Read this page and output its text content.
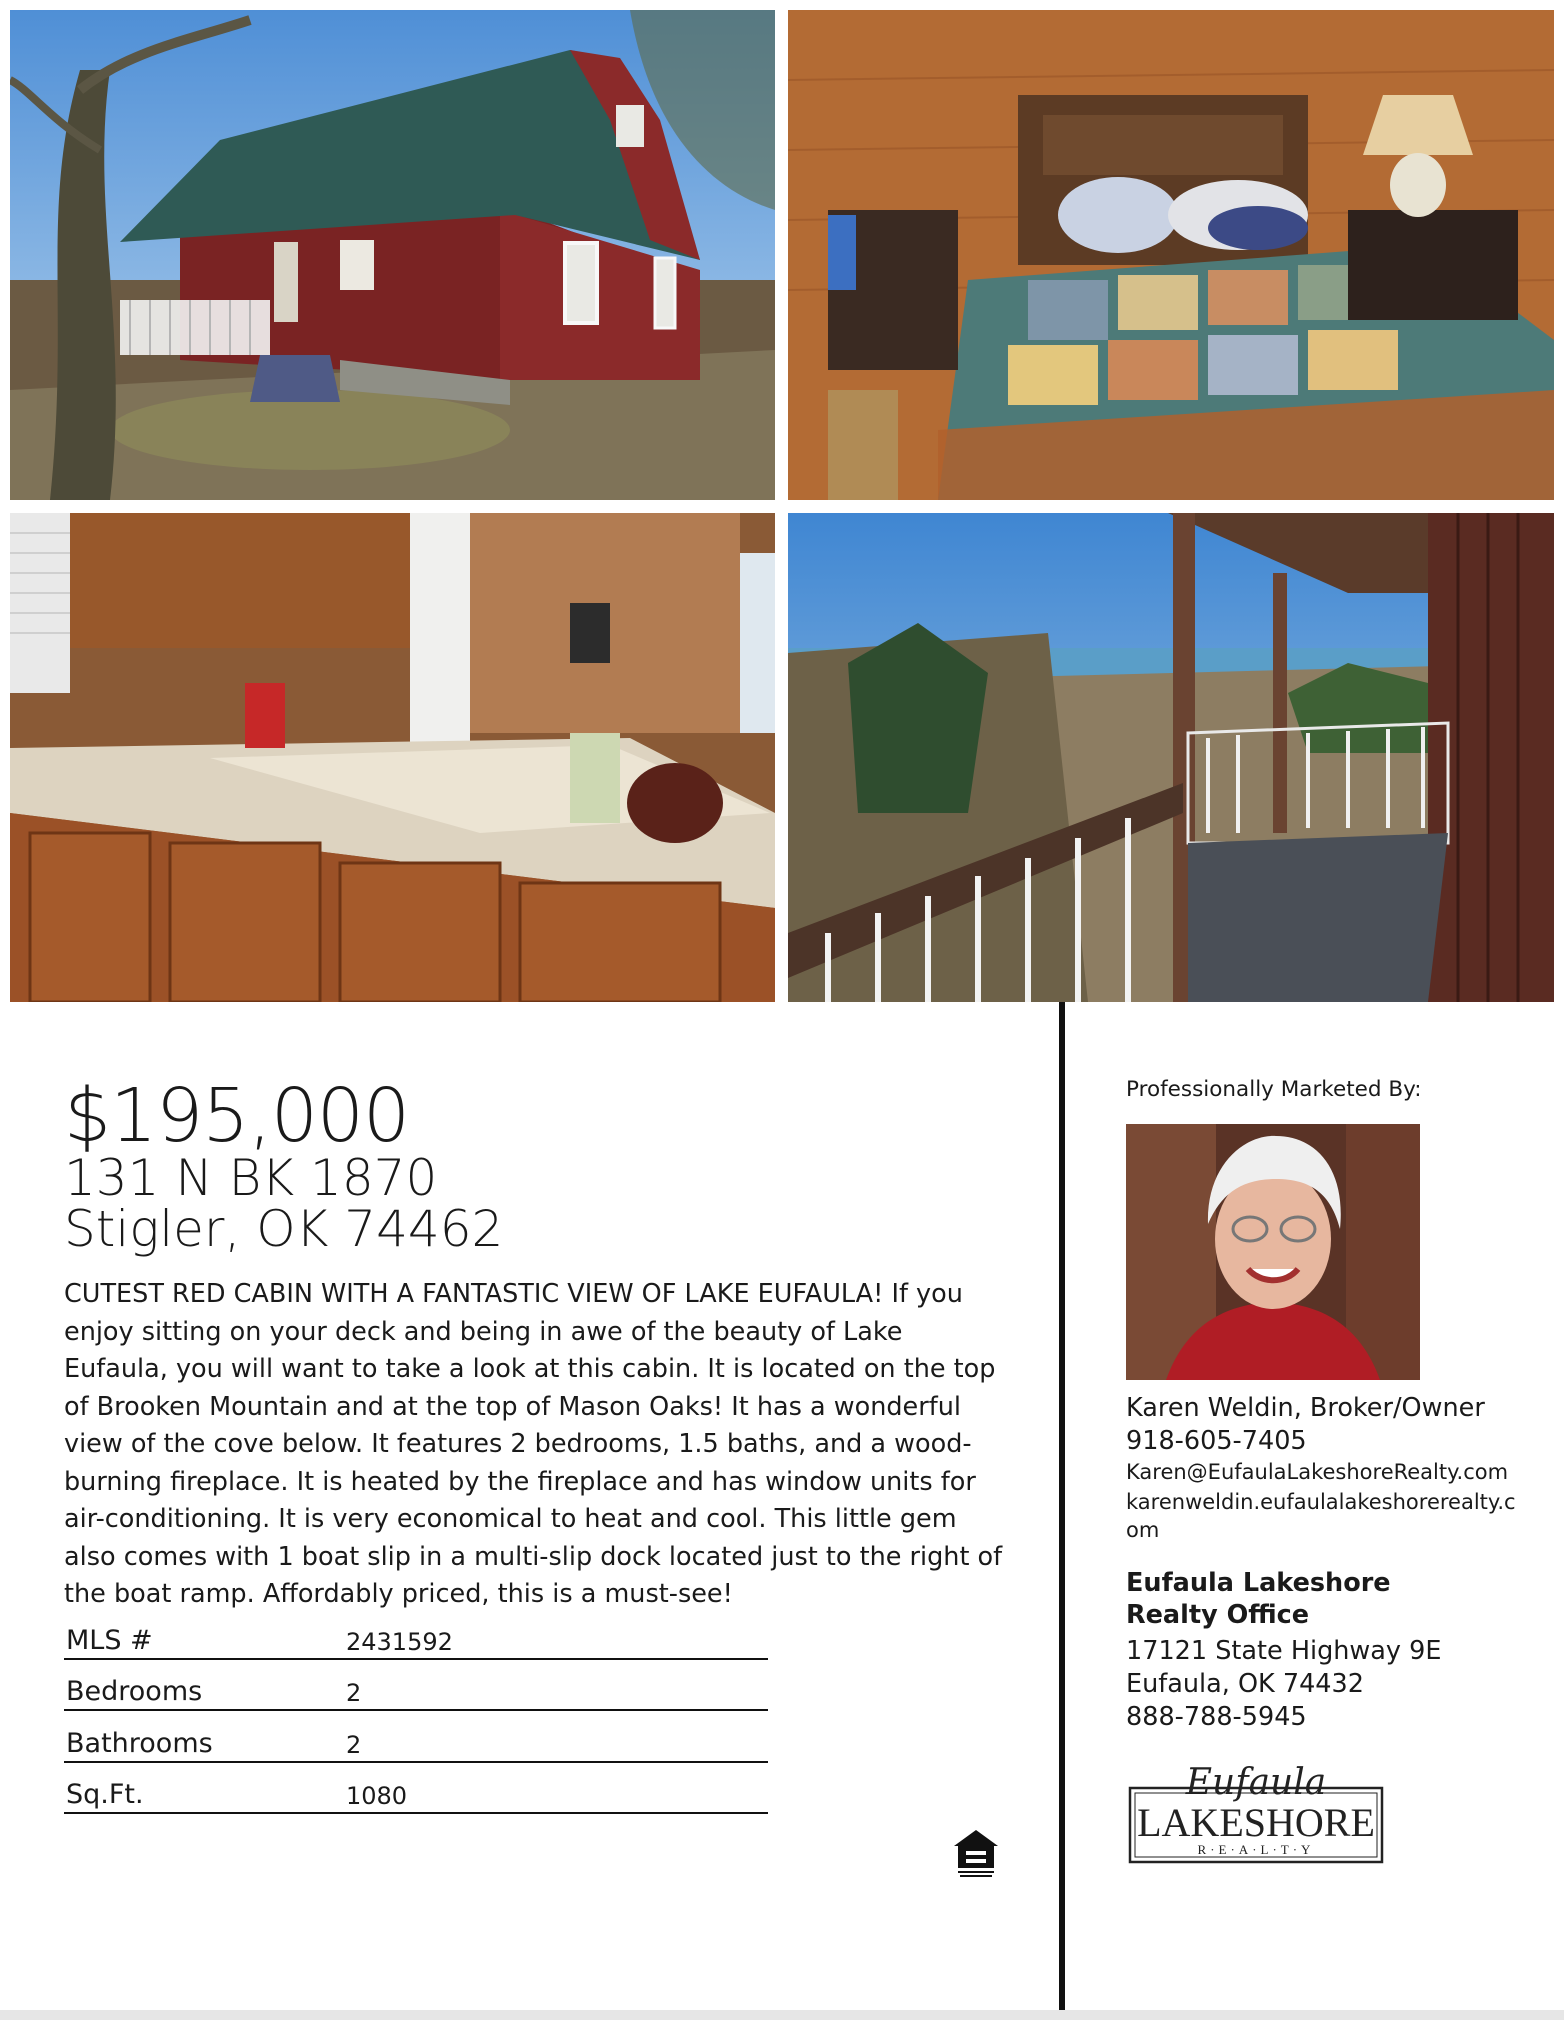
$195,000
131 N BK 1870
Stigler, OK 74462
CUTEST RED CABIN WITH A FANTASTIC VIEW OF LAKE EUFAULA! If you enjoy sitting on your deck and being in awe of the beauty of Lake Eufaula, you will want to take a look at this cabin. It is located on the top of Brooken Mountain and at the top of Mason Oaks! It has a wonderful view of the cove below. It features 2 bedrooms, 1.5 baths, and a wood-burning fireplace. It is heated by the fireplace and has window units for air-conditioning. It is very economical to heat and cool. This little gem also comes with 1 boat slip in a multi-slip dock located just to the right of the boat ramp. Affordably priced, this is a must-see!
MLS #	2431592
Bedrooms	2
Bathrooms	2
Sq.Ft.	1080
Professionally Marketed By:
Karen Weldin, Broker/Owner
918-605-7405
Karen@EufaulaLakeshoreRealty.com
karenweldin.eufaulalakeshorerealty.com
Eufaula Lakeshore Realty Office
17121 State Highway 9E
Eufaula, OK 74432
888-788-5945
Eufaula
LAKESHORE
R·E·A·L·T·Y
